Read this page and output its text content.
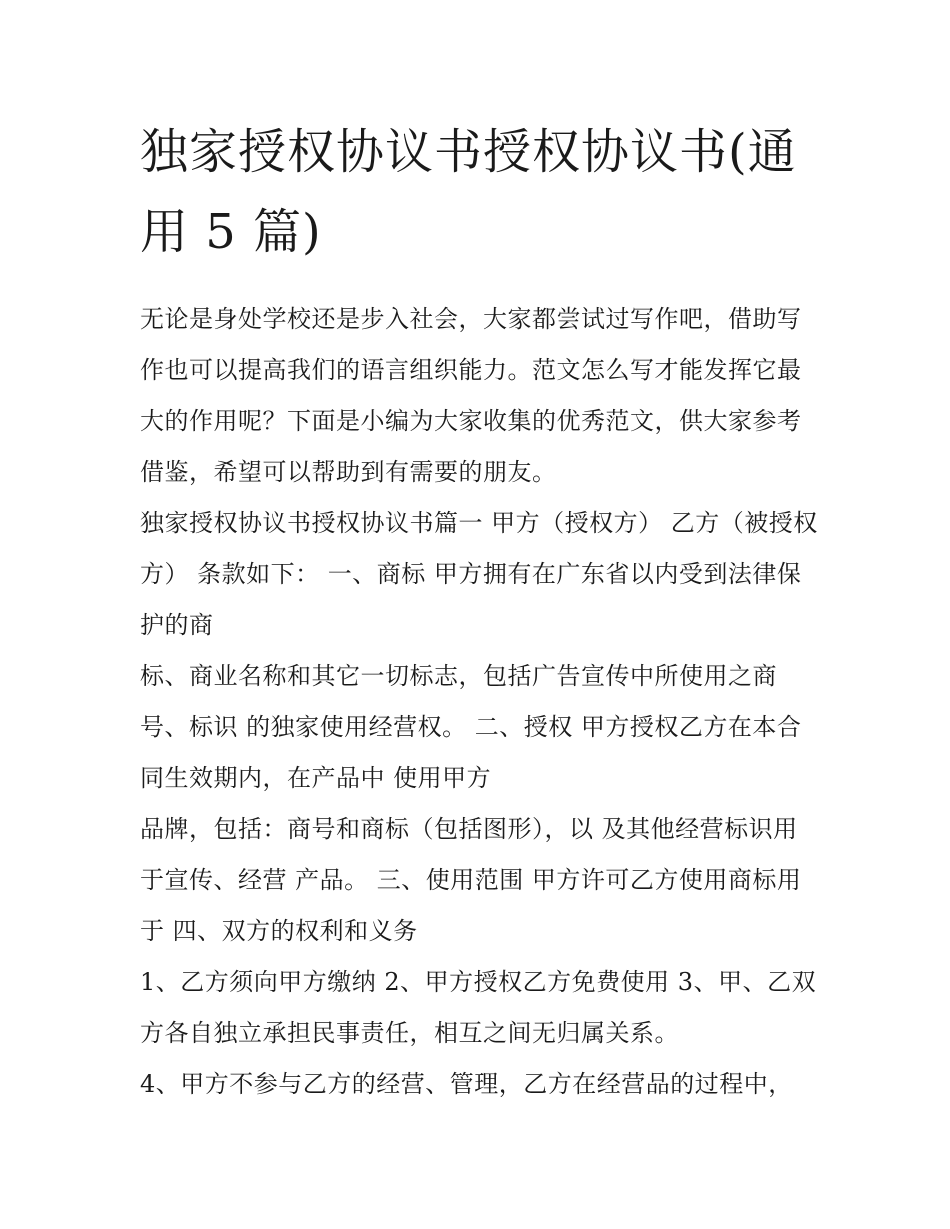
独家授权协议书授权协议书(通用 5 篇)

无论是身处学校还是步入社会，大家都尝试过写作吧，借助写作也可以提高我们的语言组织能力。范文怎么写才能发挥它最大的作用呢？下面是小编为大家收集的优秀范文，供大家参考借鉴，希望可以帮助到有需要的朋友。

独家授权协议书授权协议书篇一 甲方（授权方） 乙方（被授权方） 条款如下： 一、商标 甲方拥有在广东省以内受到法律保护的商

标、商业名称和其它一切标志，包括广告宣传中所使用之商号、标识 的独家使用经营权。 二、授权 甲方授权乙方在本合同生效期内，在产品中 使用甲方

品牌，包括：商号和商标（包括图形），以 及其他经营标识用于宣传、经营 产品。 三、使用范围 甲方许可乙方使用商标用于 四、双方的权利和义务

1、乙方须向甲方缴纳 2、甲方授权乙方免费使用 3、甲、乙双方各自独立承担民事责任，相互之间无归属关系。

4、甲方不参与乙方的经营、管理，乙方在经营品的过程中，
